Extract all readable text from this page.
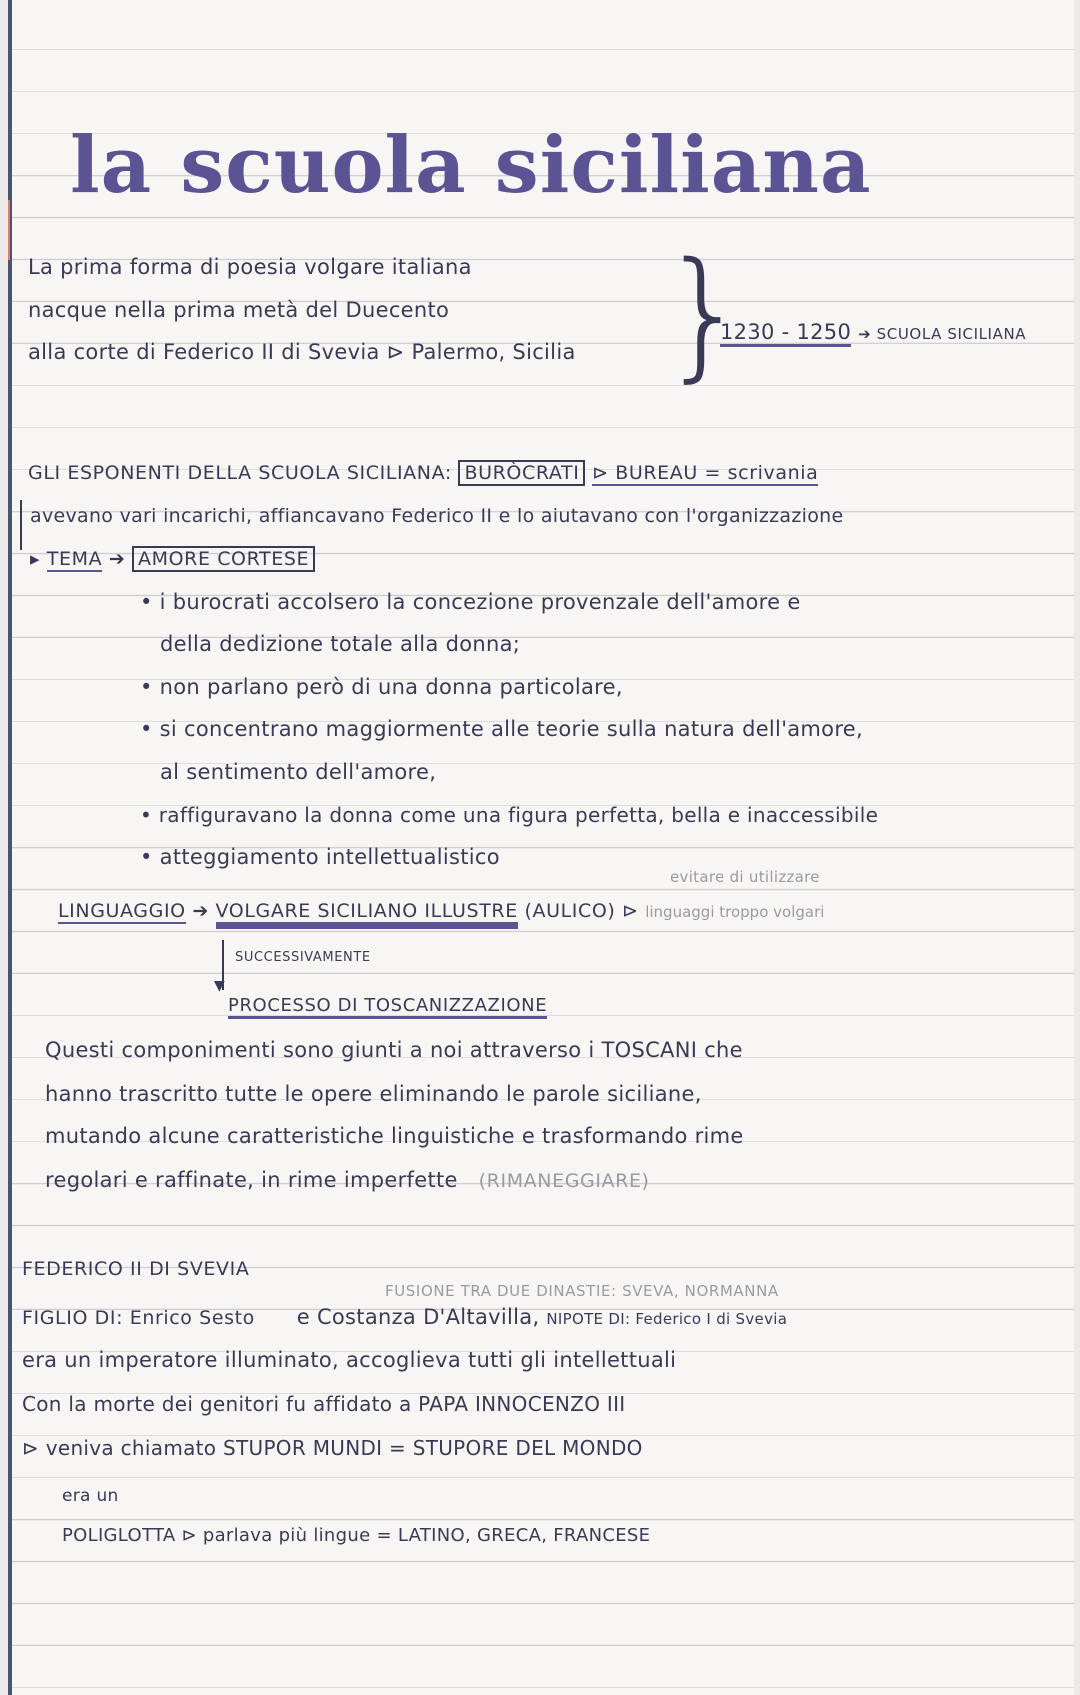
la scuola siciliana
La prima forma di poesia volgare italiana
nacque nella prima metà del Duecento
alla corte di Federico II di Svevia ⊳ Palermo, Sicilia }
1230 - 1250 ➔ SCUOLA SICILIANA
GLI ESPONENTI DELLA SCUOLA SICILIANA: BURÒCRATI ⊳ BUREAU = scrivania
avevano vari incarichi, affiancavano Federico II e lo aiutavano con l'organizzazione
▸ TEMA ➔ AMORE CORTESE
• i burocrati accolsero la concezione provenzale dell'amore e
della dedizione totale alla donna;
• non parlano però di una donna particolare,
• si concentrano maggiormente alle teorie sulla natura dell'amore,
al sentimento dell'amore,
• raffiguravano la donna come una figura perfetta, bella e inaccessibile
• atteggiamento intellettualistico
evitare di utilizzare
LINGUAGGIO ➔ VOLGARE SICILIANO ILLUSTRE (AULICO) ⊳ linguaggi troppo volgari
SUCCESSIVAMENTE
▼
PROCESSO DI TOSCANIZZAZIONE
Questi componimenti sono giunti a noi attraverso i TOSCANI che
hanno trascritto tutte le opere eliminando le parole siciliane,
mutando alcune caratteristiche linguistiche e trasformando rime
regolari e raffinate, in rime imperfette (RIMANEGGIARE)
FEDERICO II DI SVEVIA
FUSIONE TRA DUE DINASTIE: SVEVA, NORMANNA
FIGLIO DI: Enrico Sesto e Costanza D'Altavilla, NIPOTE DI: Federico I di Svevia
era un imperatore illuminato, accoglieva tutti gli intellettuali
Con la morte dei genitori fu affidato a PAPA INNOCENZO III
⊳ veniva chiamato STUPOR MUNDI = STUPORE DEL MONDO
era un
POLIGLOTTA ⊳ parlava più lingue = LATINO, GRECA, FRANCESE
